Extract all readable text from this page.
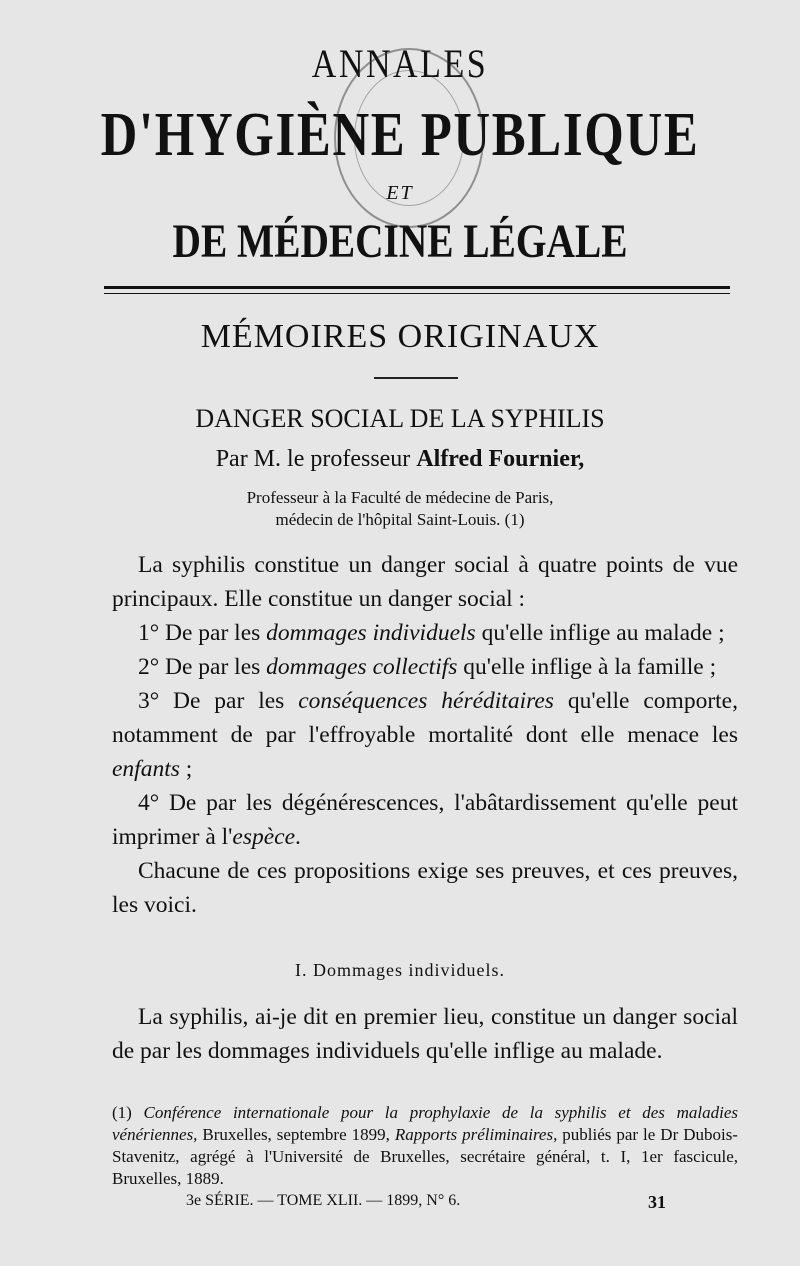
ANNALES
D'HYGIÈNE PUBLIQUE
ET
DE MÉDECINE LÉGALE
MÉMOIRES ORIGINAUX
DANGER SOCIAL DE LA SYPHILIS
Par M. le professeur Alfred Fournier,
Professeur à la Faculté de médecine de Paris,
médecin de l'hôpital Saint-Louis. (1)

La syphilis constitue un danger social à quatre points de vue principaux. Elle constitue un danger social :

1° De par les dommages individuels qu'elle inflige au malade ;

2° De par les dommages collectifs qu'elle inflige à la famille ;

3° De par les conséquences héréditaires qu'elle comporte, notamment de par l'effroyable mortalité dont elle menace les enfants ;

4° De par les dégénérescences, l'abâtardissement qu'elle peut imprimer à l'espèce.

Chacune de ces propositions exige ses preuves, et ces preuves, les voici.

I. Dommages individuels.

La syphilis, ai-je dit en premier lieu, constitue un danger social de par les dommages individuels qu'elle inflige au malade.

(1) Conférence internationale pour la prophylaxie de la syphilis et des maladies vénériennes, Bruxelles, septembre 1899, Rapports préliminaires, publiés par le Dr Dubois-Stavenitz, agrégé à l'Université de Bruxelles, secrétaire général, t. I, 1er fascicule, Bruxelles, 1889.
3e SÉRIE. — TOME XLII. — 1899, N° 6.	31
